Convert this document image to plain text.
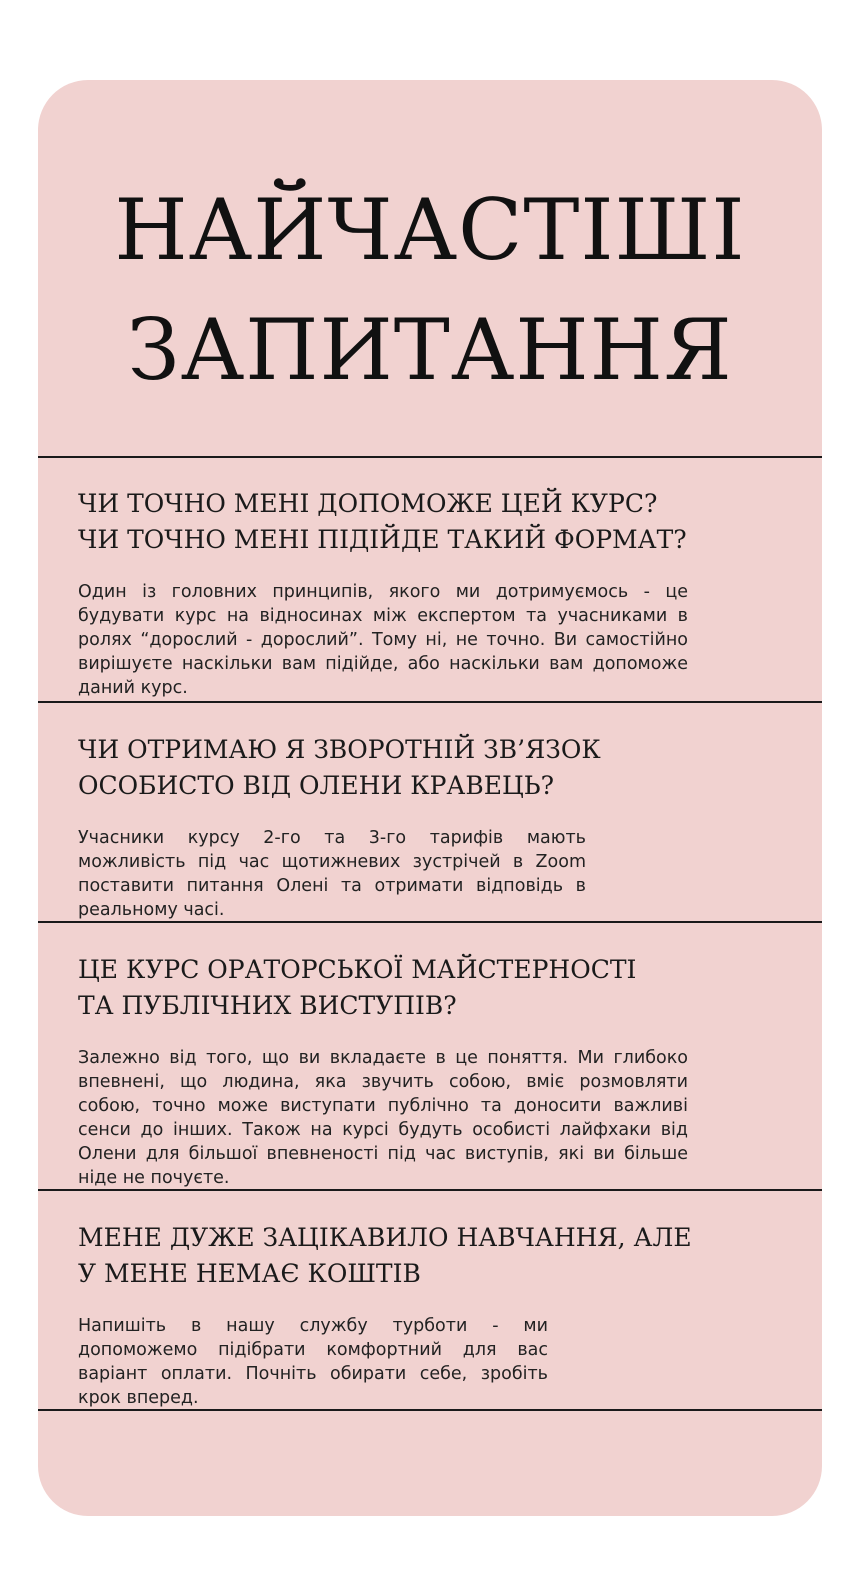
НАЙЧАСТІШІ
ЗАПИТАННЯ
ЧИ ТОЧНО МЕНІ ДОПОМОЖЕ ЦЕЙ КУРС?
ЧИ ТОЧНО МЕНІ ПІДІЙДЕ ТАКИЙ ФОРМАТ?

Один із головних принципів, якого ми дотримуємось - це будувати курс на відносинах між експертом та учасниками в ролях “дорослий - дорослий”. Тому ні, не точно. Ви самостійно вирішуєте наскільки вам підійде, або наскільки вам допоможе даний курс.

ЧИ ОТРИМАЮ Я ЗВОРОТНІЙ ЗВ’ЯЗОК
ОСОБИСТО ВІД ОЛЕНИ КРАВЕЦЬ?

Учасники курсу 2-го та 3-го тарифів мають можливість під час щотижневих зустрічей в Zoom поставити питання Олені та отримати відповідь в реальному часі.

ЦЕ КУРС ОРАТОРСЬКОЇ МАЙСТЕРНОСТІ
ТА ПУБЛІЧНИХ ВИСТУПІВ?

Залежно від того, що ви вкладаєте в це поняття. Ми глибоко впевнені, що людина, яка звучить собою, вміє розмовляти собою, точно може виступати публічно та доносити важливі сенси до інших. Також на курсі будуть особисті лайфхаки від Олени для більшої впевненості під час виступів, які ви більше ніде не почуєте.

МЕНЕ ДУЖЕ ЗАЦІКАВИЛО НАВЧАННЯ, АЛЕ
У МЕНЕ НЕМАЄ КОШТІВ

Напишіть в нашу службу турботи - ми допоможемо підібрати комфортний для вас варіант оплати. Почніть обирати себе, зробіть крок вперед.
